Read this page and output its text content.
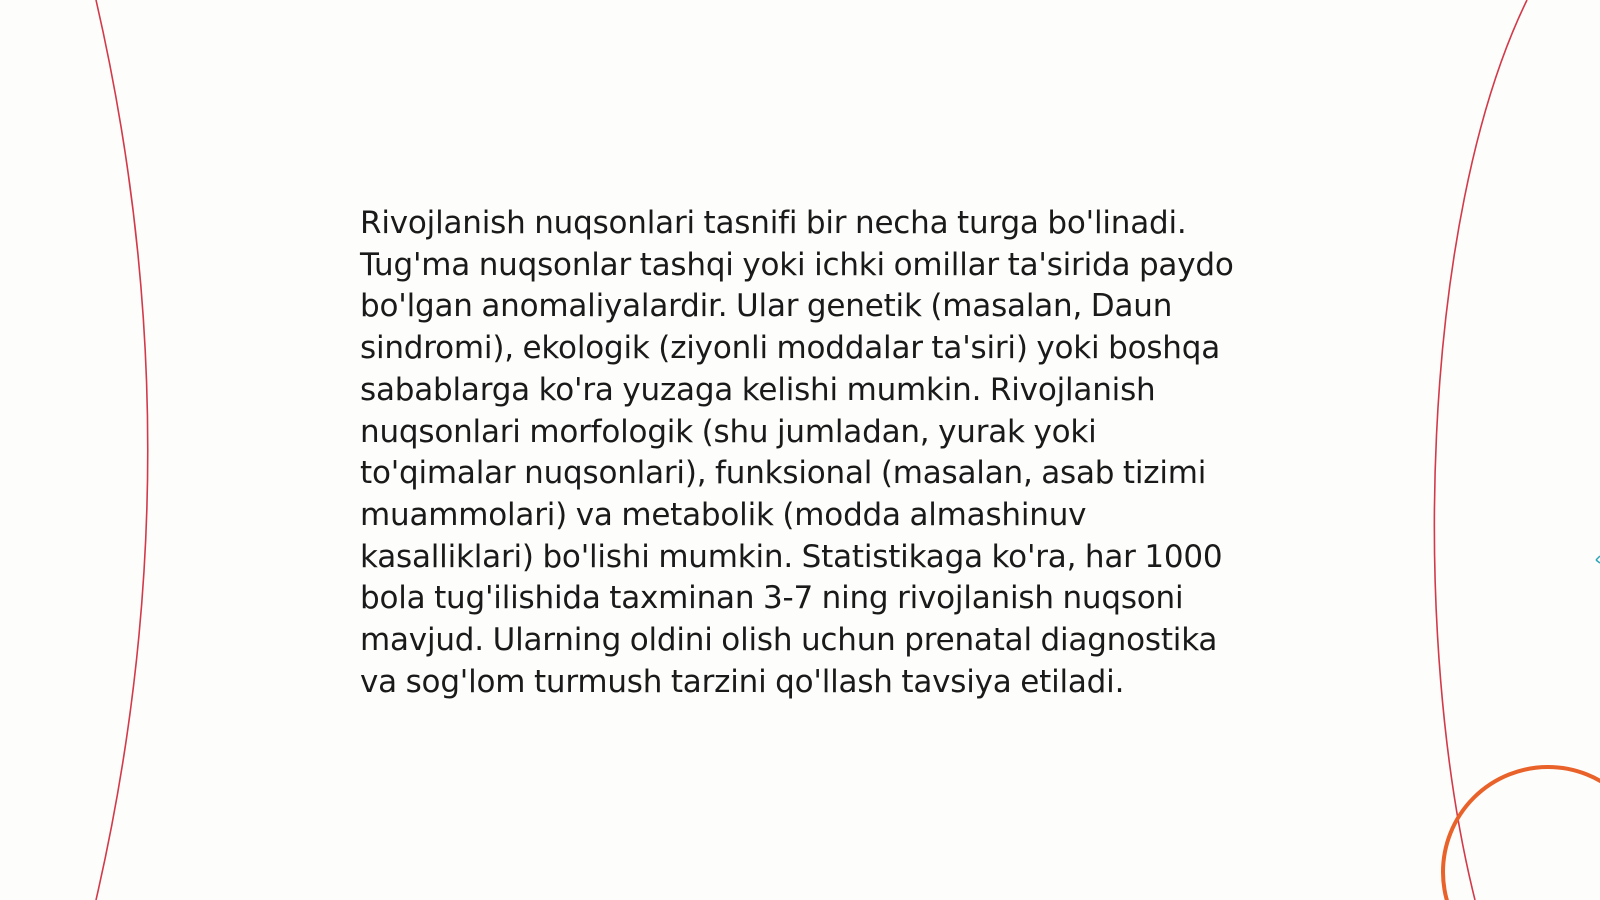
Rivojlanish nuqsonlari tasnifi bir necha turga bo'linadi. Tug'ma nuqsonlar tashqi yoki ichki omillar ta'sirida paydo bo'lgan anomaliyalardir. Ular genetik (masalan, Daun sindromi), ekologik (ziyonli moddalar ta'siri) yoki boshqa sabablarga ko'ra yuzaga kelishi mumkin. Rivojlanish nuqsonlari morfologik (shu jumladan, yurak yoki to'qimalar nuqsonlari), funksional (masalan, asab tizimi muammolari) va metabolik (modda almashinuv kasalliklari) bo'lishi mumkin. Statistikaga ko'ra, har 1000 bola tug'ilishida taxminan 3-7 ning rivojlanish nuqsoni mavjud. Ularning oldini olish uchun prenatal diagnostika va sog'lom turmush tarzini qo'llash tavsiya etiladi.
